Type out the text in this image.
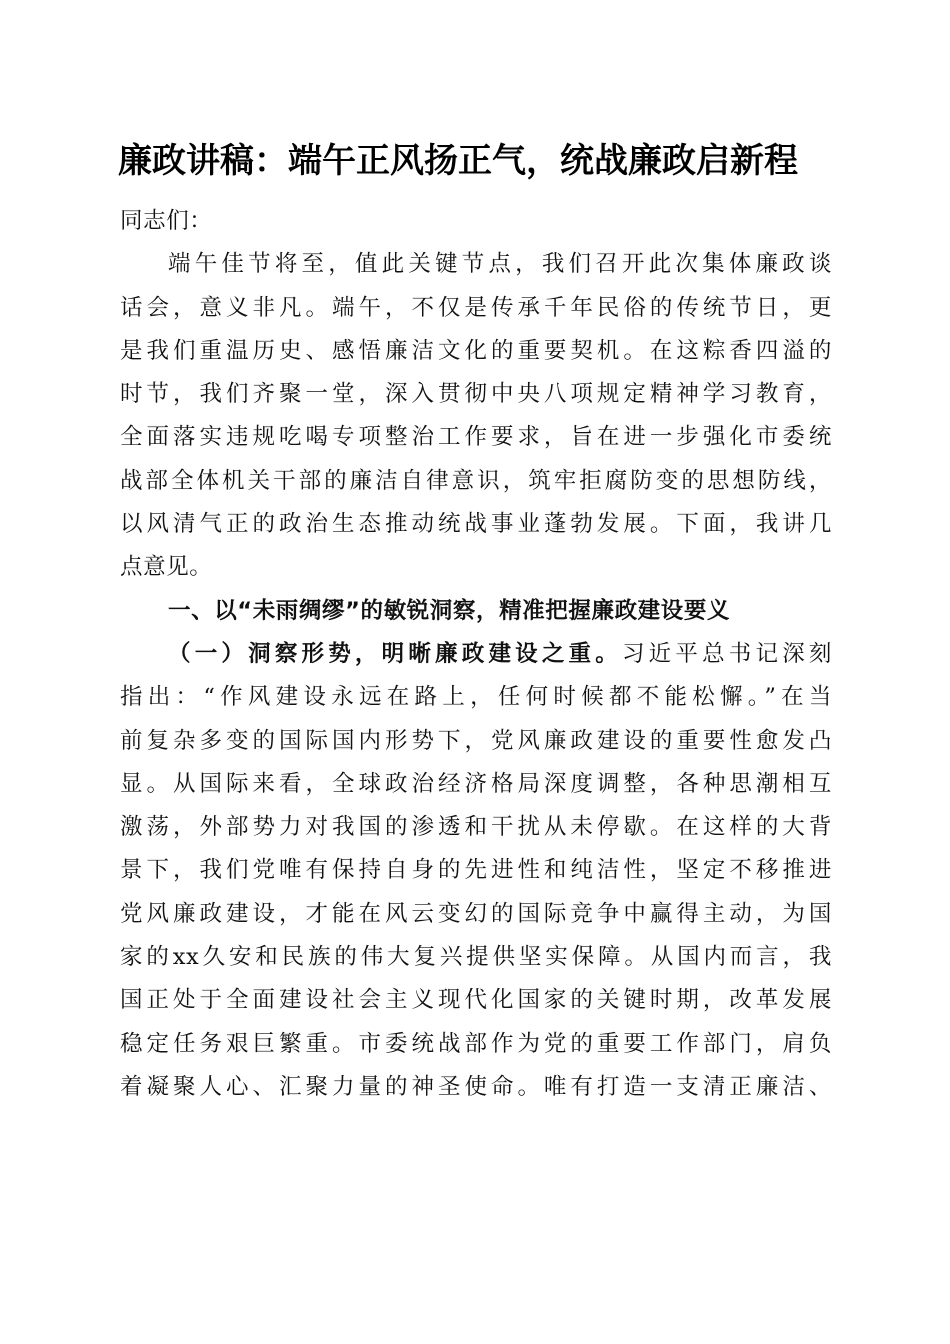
廉政讲稿：端午正风扬正气，统战廉政启新程
同志们：
端午佳节将至，值此关键节点，我们召开此次集体廉政谈
话会，意义非凡。端午，不仅是传承千年民俗的传统节日，更
是我们重温历史、感悟廉洁文化的重要契机。在这粽香四溢的
时节，我们齐聚一堂，深入贯彻中央八项规定精神学习教育，
全面落实违规吃喝专项整治工作要求，旨在进一步强化市委统
战部全体机关干部的廉洁自律意识，筑牢拒腐防变的思想防线，
以风清气正的政治生态推动统战事业蓬勃发展。下面，我讲几
点意见。
一、以“未雨绸缪”的敏锐洞察，精准把握廉政建设要义
（一）洞察形势，明晰廉政建设之重。习近平总书记深刻
指出：“作风建设永远在路上，任何时候都不能松懈。”在当
前复杂多变的国际国内形势下，党风廉政建设的重要性愈发凸
显。从国际来看，全球政治经济格局深度调整，各种思潮相互
激荡，外部势力对我国的渗透和干扰从未停歇。在这样的大背
景下，我们党唯有保持自身的先进性和纯洁性，坚定不移推进
党风廉政建设，才能在风云变幻的国际竞争中赢得主动，为国
家的xx久安和民族的伟大复兴提供坚实保障。从国内而言，我
国正处于全面建设社会主义现代化国家的关键时期，改革发展
稳定任务艰巨繁重。市委统战部作为党的重要工作部门，肩负
着凝聚人心、汇聚力量的神圣使命。唯有打造一支清正廉洁、
